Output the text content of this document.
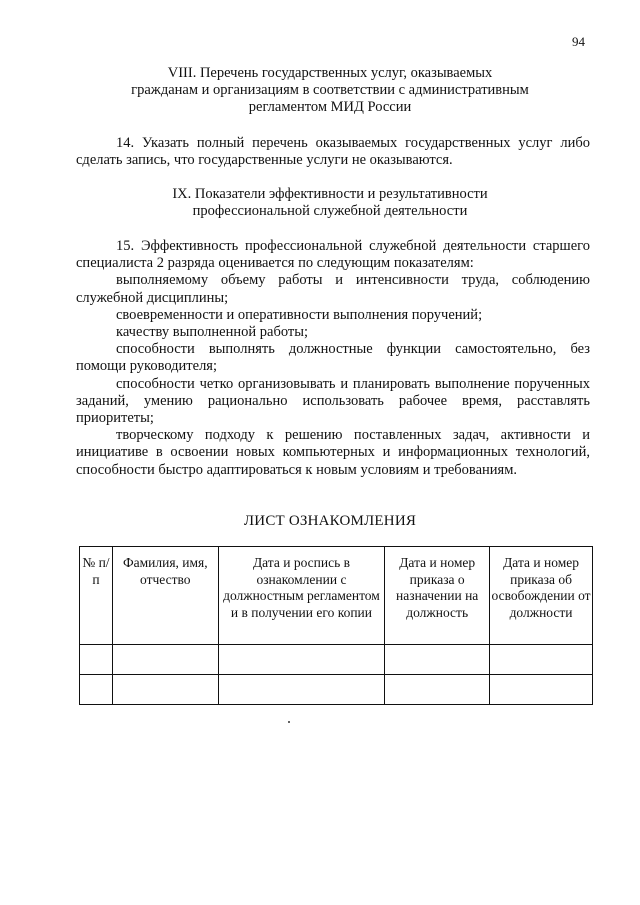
94
VIII. Перечень государственных услуг, оказываемых
гражданам и организациям в соответствии с административным
регламентом МИД России

14. Указать полный перечень оказываемых государственных услуг либо сделать запись, что государственные услуги не оказываются.

IX. Показатели эффективности и результативности
профессиональной служебной деятельности

15. Эффективность профессиональной служебной деятельности старшего специалиста 2 разряда оценивается по следующим показателям:

выполняемому объему работы и интенсивности труда, соблюдению служебной дисциплины;

своевременности и оперативности выполнения поручений;

качеству выполненной работы;

способности выполнять должностные функции самостоятельно, без помощи руководителя;

способности четко организовывать и планировать выполнение порученных заданий, умению рационально использовать рабочее время, расставлять приоритеты;

творческому подходу к решению поставленных задач, активности и инициативе в освоении новых компьютерных и информационных технологий, способности быстро адаптироваться к новым условиям и требованиям.

ЛИСТ ОЗНАКОМЛЕНИЯ
№ п/п	Фамилия, имя, отчество	Дата и роспись в ознакомлении с должностным регламентом и в получении его копии	Дата и номер приказа о назначении на должность	Дата и номер приказа об освобождении от должности
